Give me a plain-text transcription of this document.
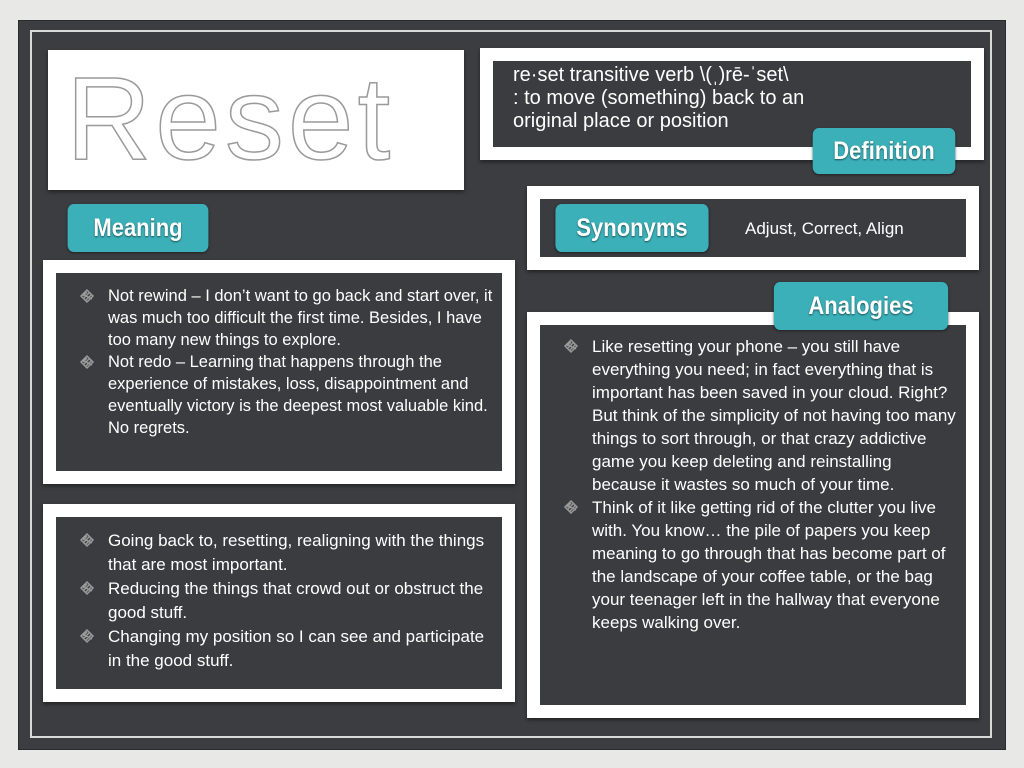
Reset	re·set transitive verb \(ˌ)rē-ˈset\

: to move (something) back to an

original place or position

Definition
Meaning	Adjust, Correct, Align

Synonyms
Not rewind – I don’t want to go back and start over, it was much too difficult the first time. Besides, I have too many new things to explore.
Not redo – Learning that happens through the experience of mistakes, loss, disappointment and eventually victory is the deepest most valuable kind. No regrets.
Going back to, resetting, realigning with the things that are most important.
Reducing the things that crowd out or obstruct the good stuff.
Changing my position so I can see and participate in the good stuff.
Like resetting your phone – you still have everything you need; in fact everything that is important has been saved in your cloud. Right? But think of the simplicity of not having too many things to sort through, or that crazy addictive game you keep deleting and reinstalling because it wastes so much of your time.
Think of it like getting rid of the clutter you live with. You know… the pile of papers you keep meaning to go through that has become part of the landscape of your coffee table, or the bag your teenager left in the hallway that everyone keeps walking over.
Analogies
